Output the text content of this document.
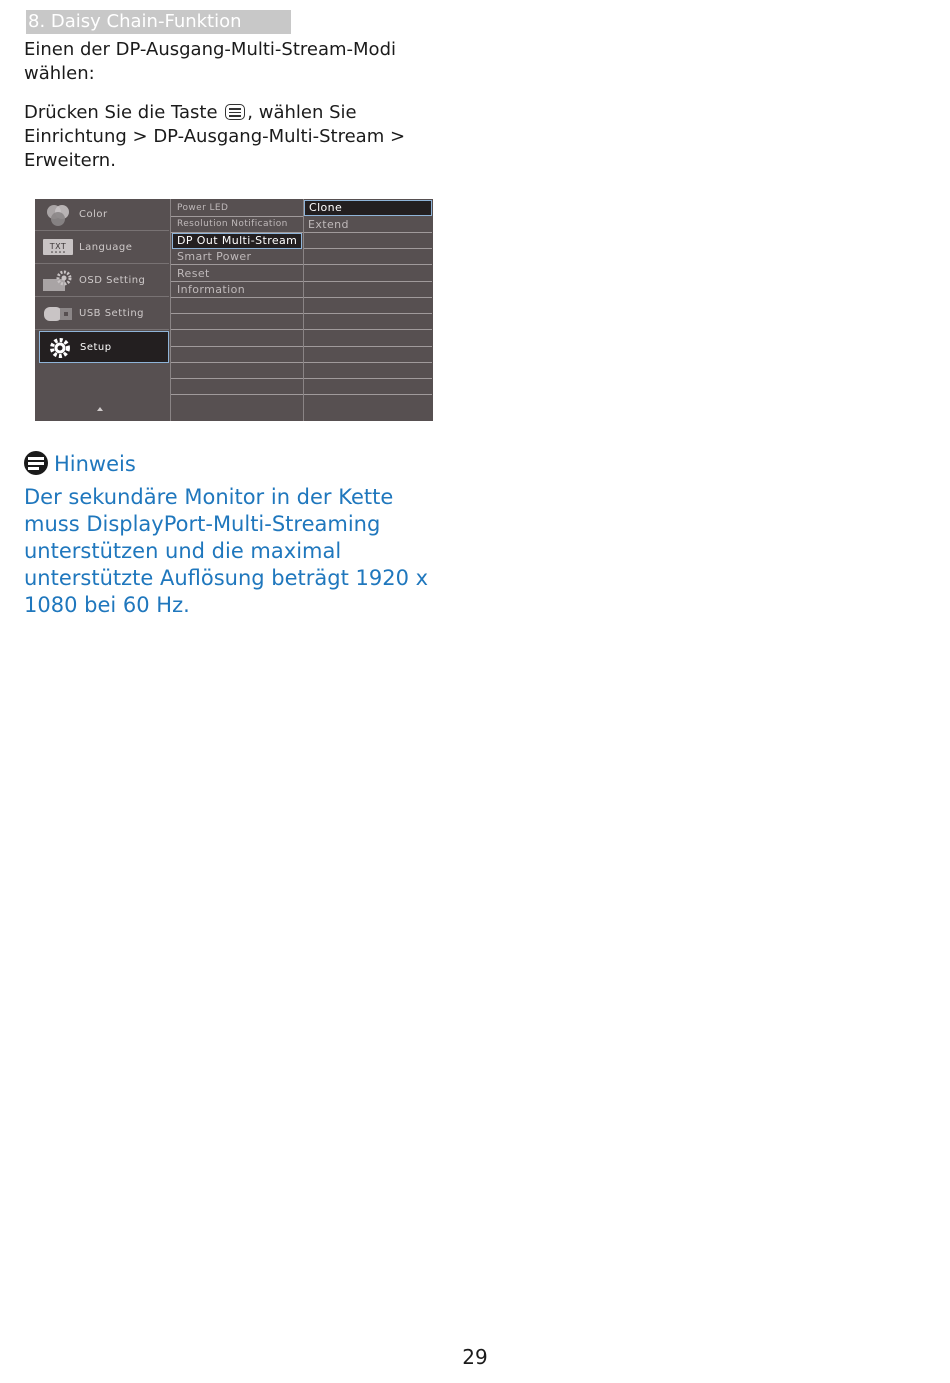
8. Daisy Chain-Funktion

Einen der DP-Ausgang-Multi-Stream-Modi wählen:

Drücken Sie die Taste , wählen Sie Einrichtung > DP-Ausgang-Multi-Stream > Erweitern.

Color
TXT Language
OSD Setting
USB Setting
Setup
Power LED
Resolution Notification
DP Out Multi-Stream
Smart Power
Reset
Information
Clone
Extend
Hinweis

Der sekundäre Monitor in der Kette muss DisplayPort-Multi-Streaming unterstützen und die maximal unterstützte Auflösung beträgt 1920 x 1080 bei 60 Hz.

29
